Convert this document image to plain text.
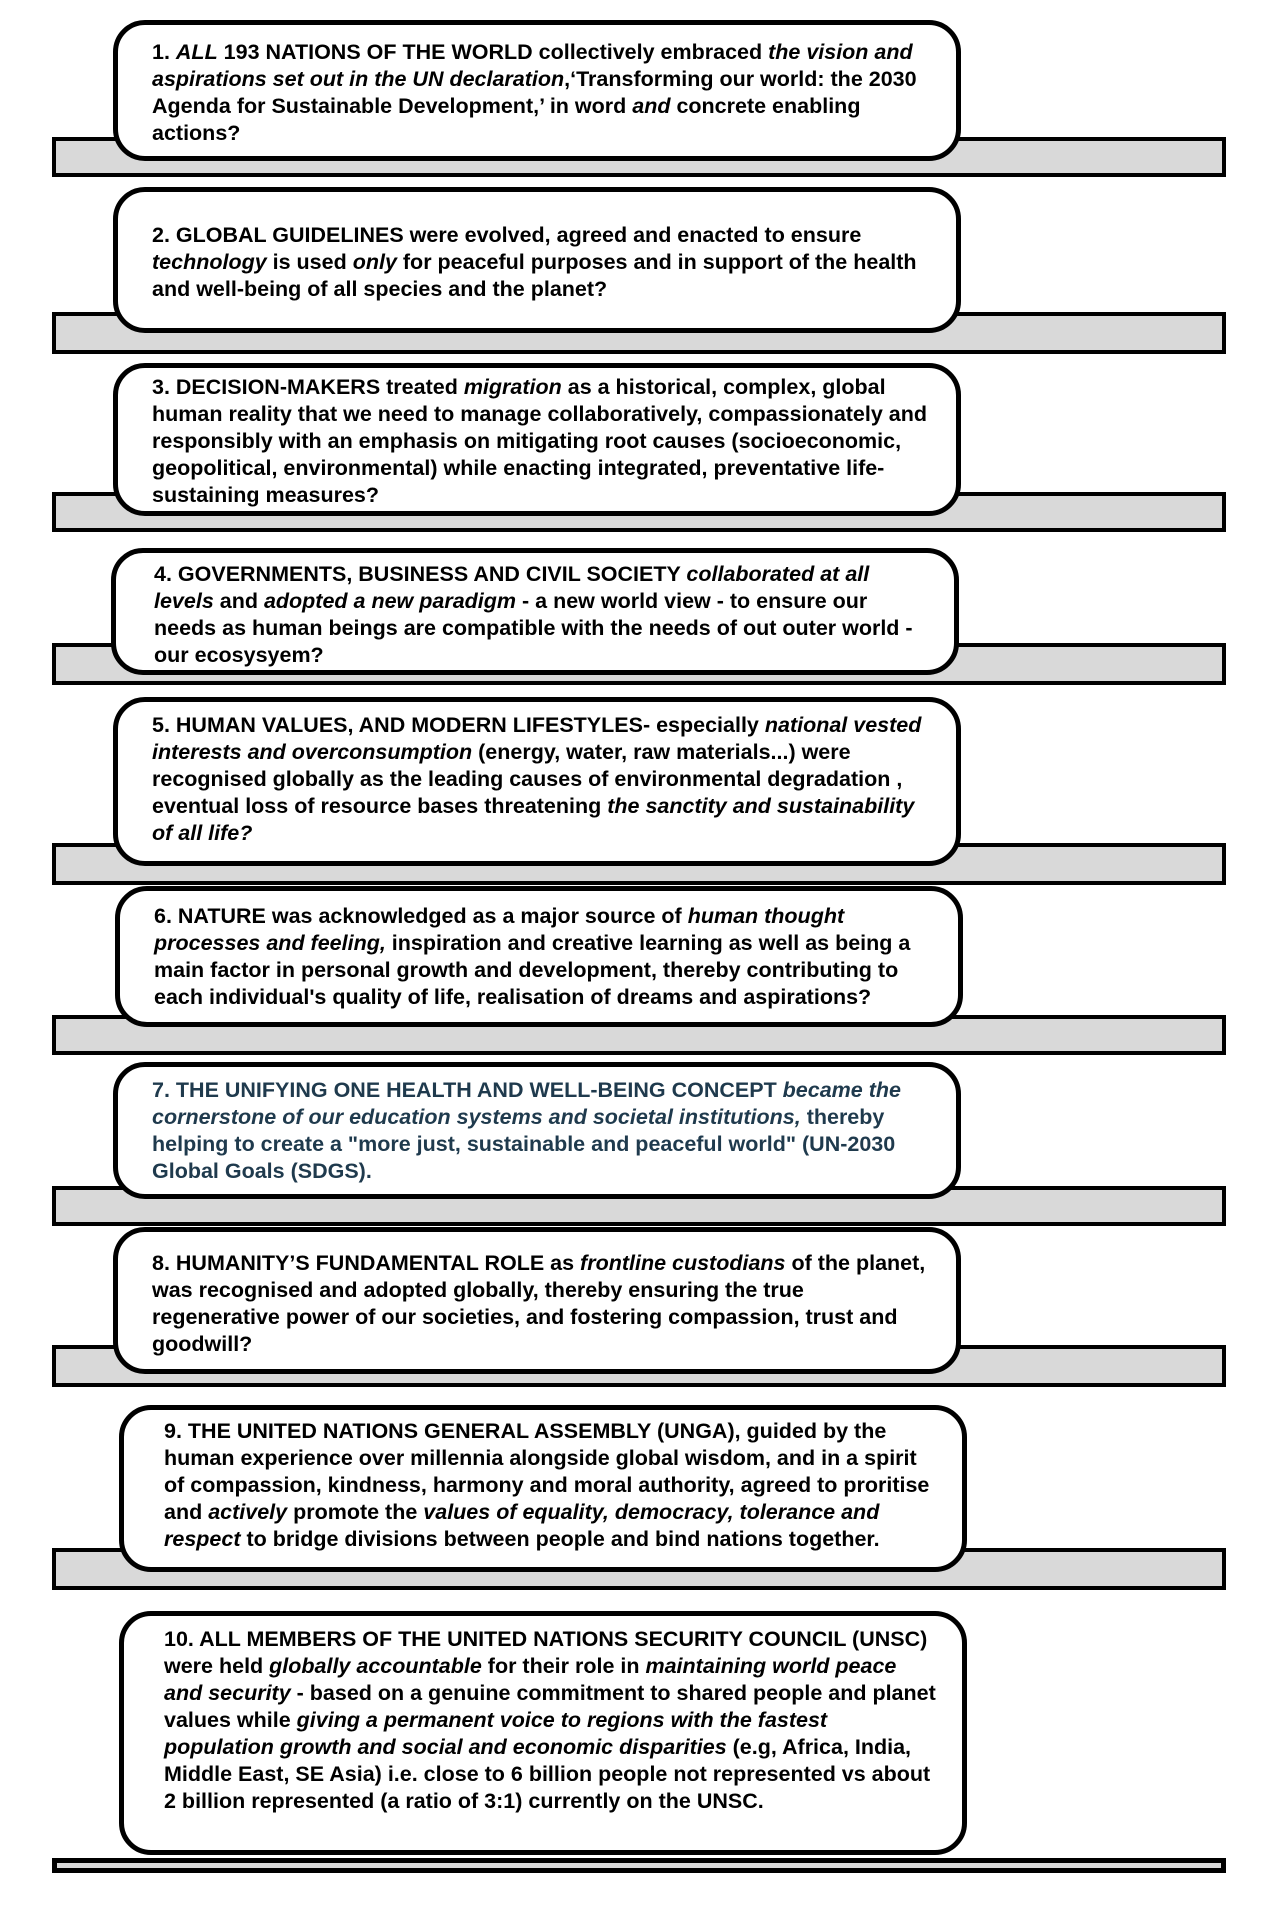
1. ALL 193 NATIONS OF THE WORLD collectively embraced the vision and aspirations set out in the UN declaration,‘Transforming our world: the 2030 Agenda for Sustainable Development,’ in word and concrete enabling actions?

2. GLOBAL GUIDELINES were evolved, agreed and enacted to ensure technology is used only for peaceful purposes and in support of the health and well-being of all species and the planet?

3. DECISION-MAKERS treated migration as a historical, complex, global human reality that we need to manage collaboratively, compassionately and responsibly with an emphasis on mitigating root causes (socioeconomic, geopolitical, environmental) while enacting integrated, preventative life-sustaining measures?

4. GOVERNMENTS, BUSINESS AND CIVIL SOCIETY collaborated at all levels and adopted a new paradigm - a new world view - to ensure our needs as human beings are compatible with the needs of out outer world - our ecosysyem?

5. HUMAN VALUES, AND MODERN LIFESTYLES- especially national vested interests and overconsumption (energy, water, raw materials...) were recognised globally as the leading causes of environmental degradation , eventual loss of resource bases threatening the sanctity and sustainability of all life?

6. NATURE was acknowledged as a major source of human thought processes and feeling, inspiration and creative learning as well as being a main factor in personal growth and development, thereby contributing to each individual's quality of life, realisation of dreams and aspirations?

7. THE UNIFYING ONE HEALTH AND WELL-BEING CONCEPT became the cornerstone of our education systems and societal institutions, thereby helping to create a "more just, sustainable and peaceful world" (UN-2030 Global Goals (SDGS).

8. HUMANITY’S FUNDAMENTAL ROLE as frontline custodians of the planet, was recognised and adopted globally, thereby ensuring the true regenerative power of our societies, and fostering compassion, trust and goodwill?

9. THE UNITED NATIONS GENERAL ASSEMBLY (UNGA), guided by the human experience over millennia alongside global wisdom, and in a spirit of compassion, kindness, harmony and moral authority, agreed to proritise and actively promote the values of equality, democracy, tolerance and respect to bridge divisions between people and bind nations together.

10. ALL MEMBERS OF THE UNITED NATIONS SECURITY COUNCIL (UNSC) were held globally accountable for their role in maintaining world peace and security - based on a genuine commitment to shared people and planet values while giving a permanent voice to regions with the fastest population growth and social and economic disparities (e.g, Africa, India, Middle East, SE Asia) i.e. close to 6 billion people not represented vs about 2 billion represented (a ratio of 3:1) currently on the UNSC.
